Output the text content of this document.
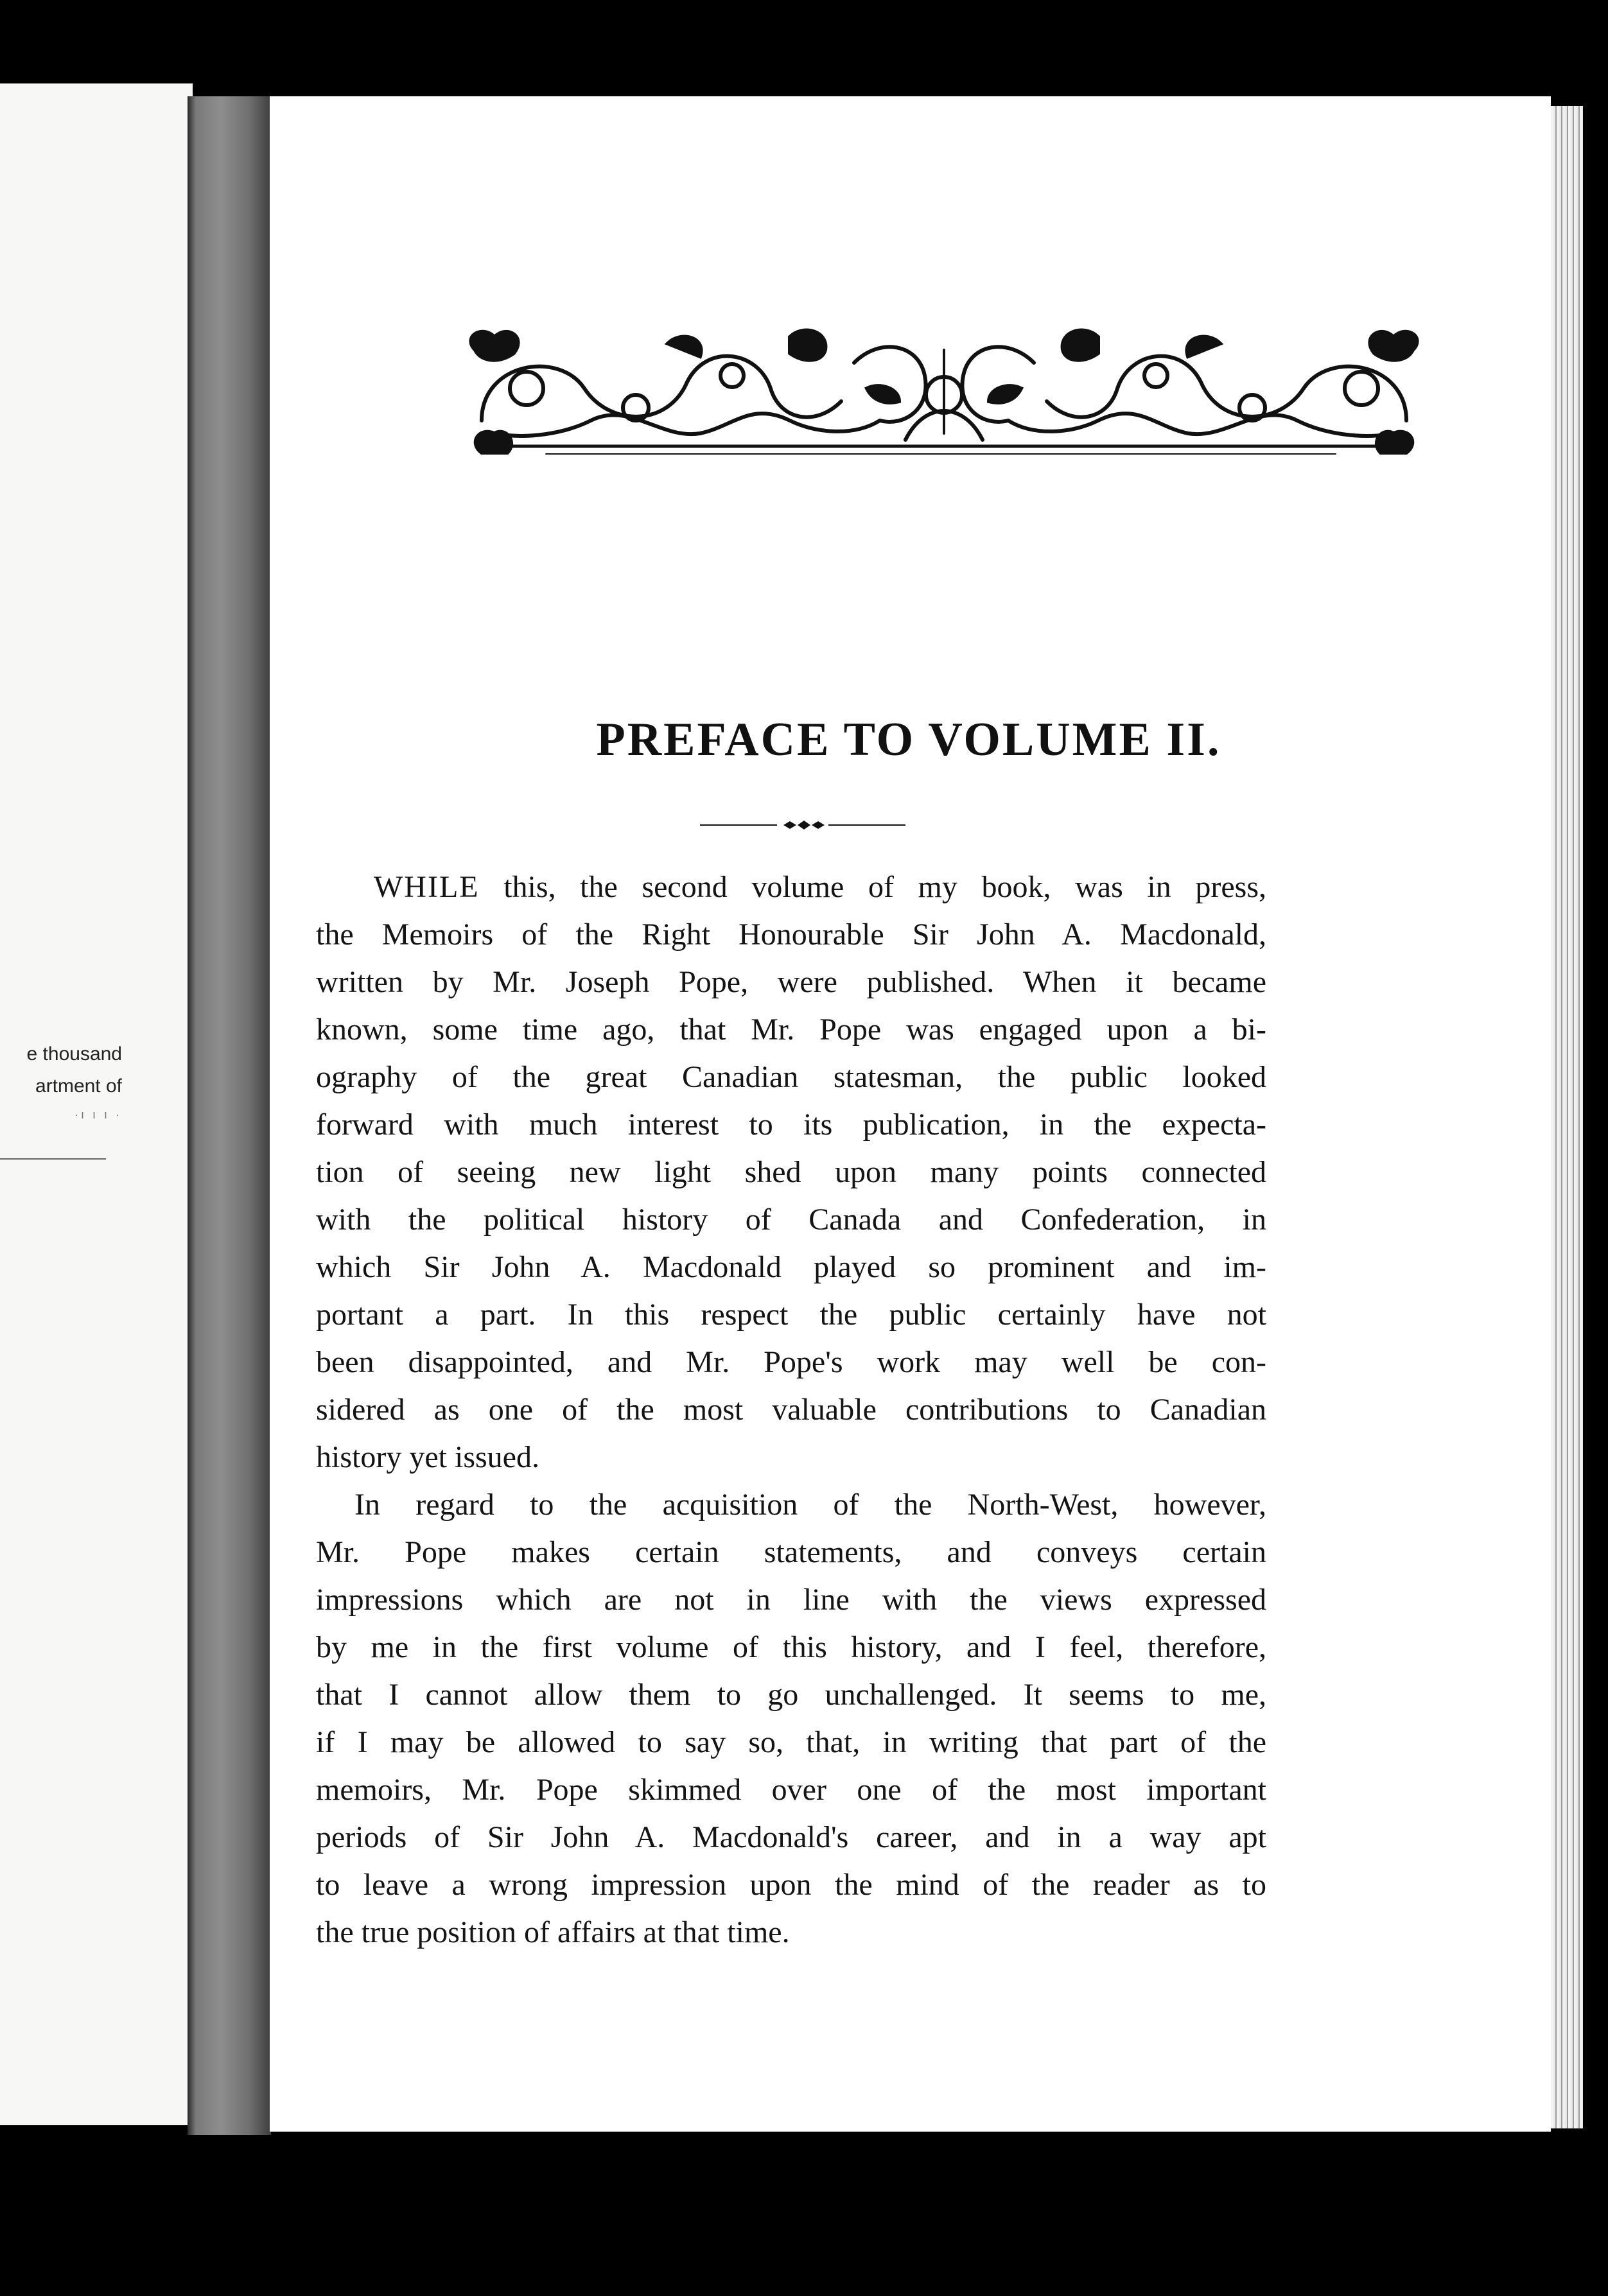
e thousand
artment of
·ı ı ı ·
PREFACE TO VOLUME II.

WHILE this, the second volume of my book, was in press,
the Memoirs of the Right Honourable Sir John A. Macdonald,
written by Mr. Joseph Pope, were published. When it became
known, some time ago, that Mr. Pope was engaged upon a bi-
ography of the great Canadian statesman, the public looked
forward with much interest to its publication, in the expecta-
tion of seeing new light shed upon many points connected
with the political history of Canada and Confederation, in
which Sir John A. Macdonald played so prominent and im-
portant a part. In this respect the public certainly have not
been disappointed, and Mr. Pope's work may well be con-
sidered as one of the most valuable contributions to Canadian
history yet issued.

In regard to the acquisition of the North-West, however,
Mr. Pope makes certain statements, and conveys certain
impressions which are not in line with the views expressed
by me in the first volume of this history, and I feel, therefore,
that I cannot allow them to go unchallenged. It seems to me,
if I may be allowed to say so, that, in writing that part of the
memoirs, Mr. Pope skimmed over one of the most important
periods of Sir John A. Macdonald's career, and in a way apt
to leave a wrong impression upon the mind of the reader as to
the true position of affairs at that time.
